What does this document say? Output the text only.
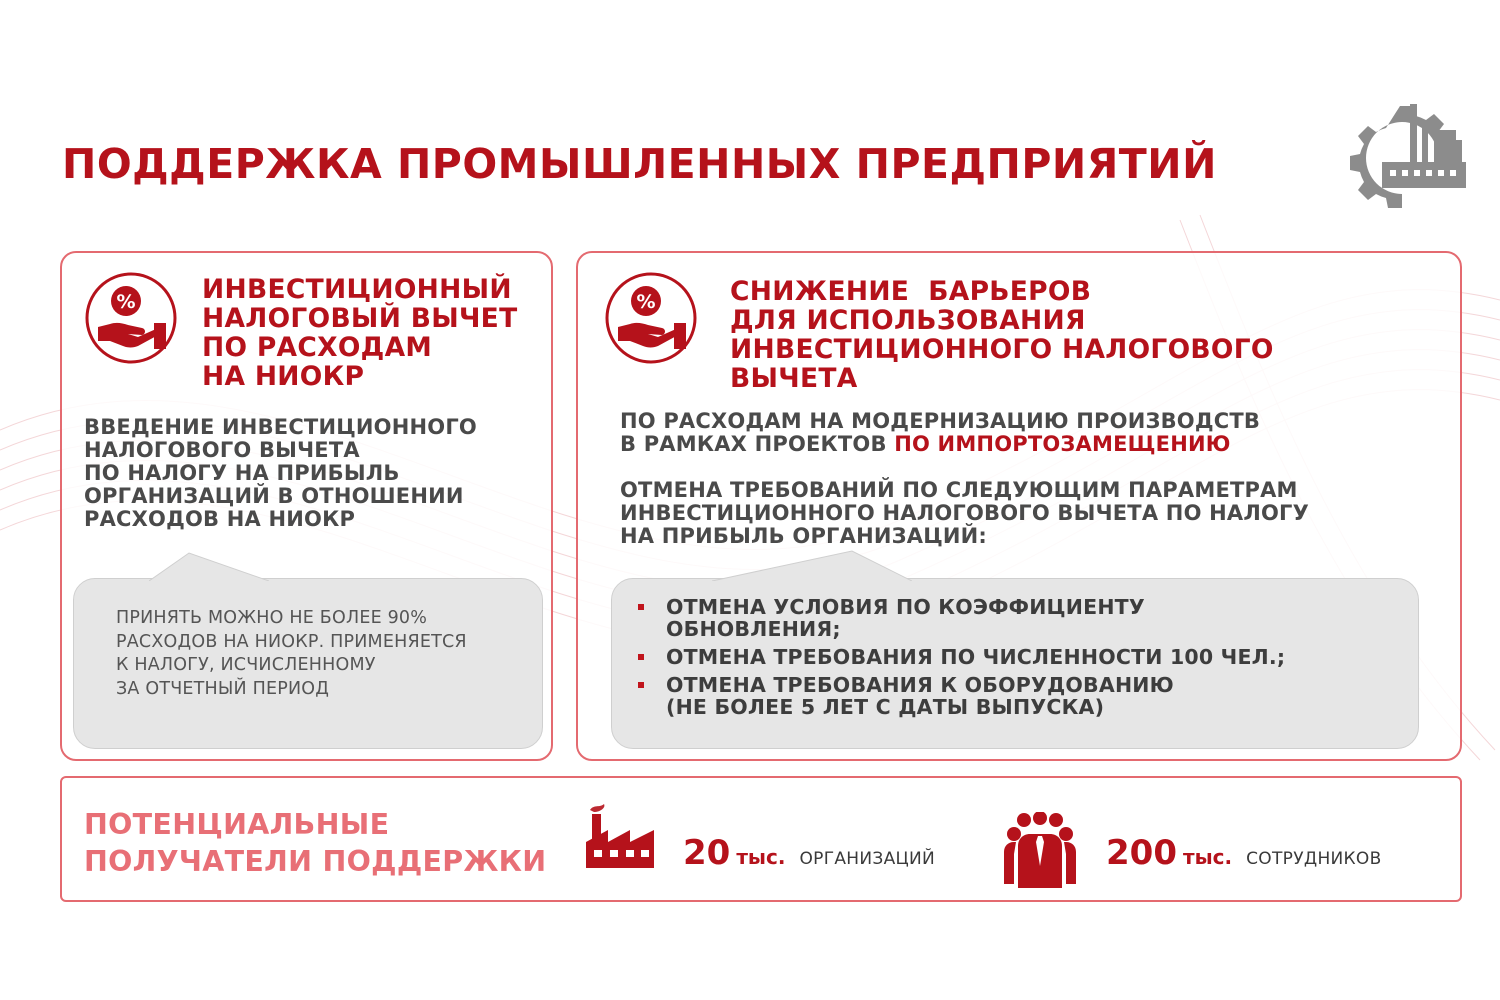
ПОДДЕРЖКА ПРОМЫШЛЕННЫХ ПРЕДПРИЯТИЙ
%	ИНВЕСТИЦИОННЫЙ
НАЛОГОВЫЙ ВЫЧЕТ
ПО РАСХОДАМ
НА НИОКР
ВВЕДЕНИЕ ИНВЕСТИЦИОННОГО
НАЛОГОВОГО ВЫЧЕТА
ПО НАЛОГУ НА ПРИБЫЛЬ
ОРГАНИЗАЦИЙ В ОТНОШЕНИИ
РАСХОДОВ НА НИОКР
ПРИНЯТЬ МОЖНО НЕ БОЛЕЕ 90%
РАСХОДОВ НА НИОКР. ПРИМЕНЯЕТСЯ
К НАЛОГУ, ИСЧИСЛЕННОМУ
ЗА ОТЧЕТНЫЙ ПЕРИОД
%	СНИЖЕНИЕ  БАРЬЕРОВ
ДЛЯ ИСПОЛЬЗОВАНИЯ
ИНВЕСТИЦИОННОГО НАЛОГОВОГО
ВЫЧЕТА
ПО РАСХОДАМ НА МОДЕРНИЗАЦИЮ ПРОИЗВОДСТВ
В РАМКАХ ПРОЕКТОВ ПО ИМПОРТОЗАМЕЩЕНИЮ
ОТМЕНА ТРЕБОВАНИЙ ПО СЛЕДУЮЩИМ ПАРАМЕТРАМ
ИНВЕСТИЦИОННОГО НАЛОГОВОГО ВЫЧЕТА ПО НАЛОГУ
НА ПРИБЫЛЬ ОРГАНИЗАЦИЙ:
ОТМЕНА УСЛОВИЯ ПО КОЭФФИЦИЕНТУ
ОБНОВЛЕНИЯ;
ОТМЕНА ТРЕБОВАНИЯ ПО ЧИСЛЕННОСТИ 100 ЧЕЛ.;
ОТМЕНА ТРЕБОВАНИЯ К ОБОРУДОВАНИЮ
(НЕ БОЛЕЕ 5 ЛЕТ С ДАТЫ ВЫПУСКА)
ПОТЕНЦИАЛЬНЫЕ
ПОЛУЧАТЕЛИ ПОДДЕРЖКИ	20 тыс. ОРГАНИЗАЦИЙ	200 тыс. СОТРУДНИКОВ
